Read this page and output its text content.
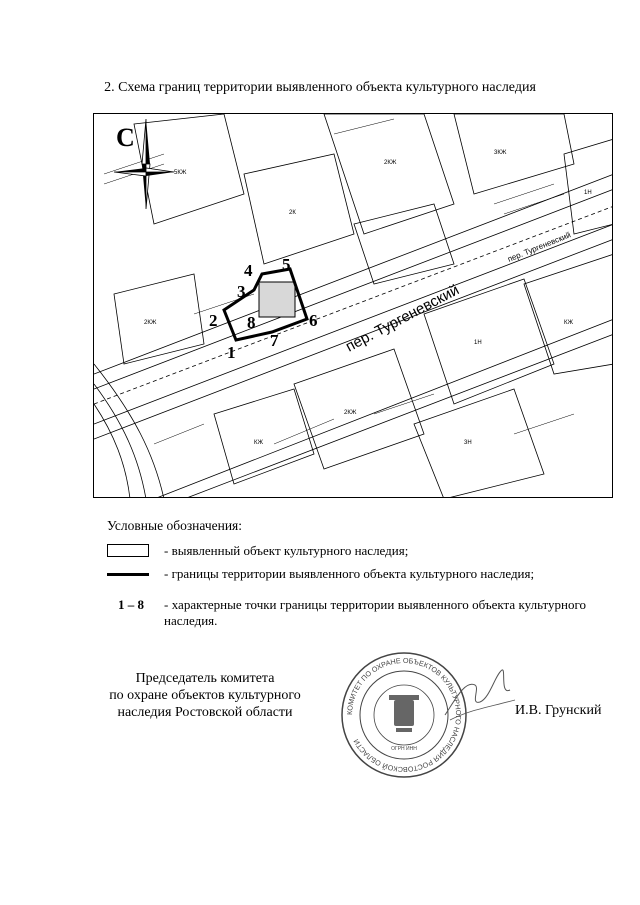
2. Схема границ территории выявленного объекта культурного наследия
2КЖ
3КЖ
5КЖ
2К
1Н
КЖ
2КЖ
3Н
КЖ
2КЖ
1Н
пер. Тургеневский
пер. Тургеневский
1
2
3
4 5
6
7
8
С
Условные обозначения:
- выявленный объект культурного наследия;
- границы территории выявленного объекта культурного наследия;
1 – 8	- характерные точки границы территории выявленного объекта культурного наследия.
Председатель комитета
по охране объектов культурного
наследия Ростовской области	КОМИТЕТ ПО ОХРАНЕ ОБЪЕКТОВ КУЛЬТУРНОГО НАСЛЕДИЯ РОСТОВСКОЙ ОБЛАСТИ
ОГРН ИНН
И.В. Грунский
